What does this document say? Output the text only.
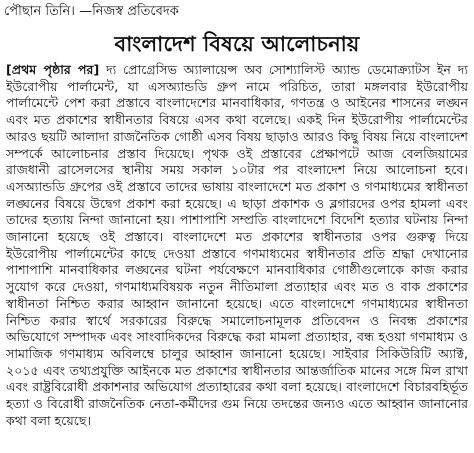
পৌছান তিনি। —নিজস্ব প্রতিবেদক
বাংলাদেশ বিষয়ে আলোচনায়
[প্রথম পৃষ্ঠার পর] দ্য প্রোগ্রেসিভ অ্যালায়েন্স অব সোশ্যালিস্ট অ্যান্ড ডেমোক্র্যাটস ইন দ্য ইউরোপীয় পার্লামেন্ট, যা এসঅ্যান্ডডি গ্রুপ নামে পরিচিত, তারা মঙ্গলবার ইউরোপীয় পার্লামেন্টে পেশ করা প্রস্তাবে বাংলাদেশের মানবাধিকার, গণতন্ত্র ও আইনের শাসনের লঙ্ঘন এবং মত প্রকাশের স্বাধীনতার বিষয়ে এসব কথা বলেছে। একই দিন ইউরোপীয় পার্লামেন্টের আরও ছয়টি আলাদা রাজনৈতিক গোষ্ঠী এসব বিষয় ছাড়াও আরও কিছু বিষয় নিয়ে বাংলাদেশ সম্পর্কে আলোচনার প্রস্তাব দিয়েছে। পৃথক ওই প্রস্তাবের প্রেক্ষাপটে আজ বেলজিয়ামের রাজধানী ব্রাসেলসের স্থানীয় সময় সকাল ১০টার পর বাংলাদেশ নিয়ে আলোচনা হবে। এসঅ্যান্ডডি গ্রুপের ওই প্রস্তাবে তাদের ভাষায় বাংলাদেশে মত প্রকাশ ও গণমাধ্যমের স্বাধীনতা লঙ্ঘনের বিষয়ে উদ্বেগ প্রকাশ করা হয়েছে। এ ছাড়া প্রকাশক ও ব্লগারদের ওপর হামলা এবং তাদের হত্যায় নিন্দা জানানো হয়। পাশাপাশি সম্প্রতি বাংলাদেশে বিদেশি হত্যার ঘটনায় নিন্দা জানানো হয়েছে ওই প্রস্তাবে। বাংলাদেশে মত প্রকাশের স্বাধীনতার ওপর গুরুত্ব দিয়ে ইউরোপীয় পার্লামেন্টের কাছে দেওয়া প্রস্তাবে গণমাধ্যমের স্বাধীনতার প্রতি শ্রদ্ধা দেখানোর পাশাপাশি মানবাধিকার লঙ্ঘনের ঘটনা পর্যবেক্ষণে মানবাধিকার গোষ্ঠীগুলোকে কাজ করার সুযোগ করে দেওয়া, গণমাধ্যমবিষয়ক নতুন নীতিমালা প্রত্যাহার এবং মত ও বাক প্রকাশের স্বাধীনতা নিশ্চিত করার আহ্বান জানানো হয়েছে। এতে বাংলাদেশে গণমাধ্যমের স্বাধীনতা নিশ্চিত করার স্বার্থে সরকারের বিরুদ্ধে সমালোচনামূলক প্রতিবেদন ও নিবন্ধ প্রকাশের অভিযোগে সম্পাদক এবং সাংবাদিকদের বিরুদ্ধে করা মামলা প্রত্যাহার, বন্ধ হওয়া গণমাধ্যম ও সামাজিক গণমাধ্যম অবিলম্বে চালুর আহ্বান জানানো হয়েছে। সাইবার সিকিউরিটি অ্যাক্ট, ২০১৫ এবং তথ্যপ্রযুক্তি আইনকে মত প্রকাশের স্বাধীনতার আন্তর্জাতিক মানের সঙ্গে মিল রাখা এবং রাষ্ট্রবিরোধী প্রকাশনার অভিযোগ প্রত্যাহারের কথা বলা হয়েছে। বাংলাদেশে বিচারবহির্ভূত হত্যা ও বিরোধী রাজনৈতিক নেতা-কর্মীদের গুম নিয়ে তদন্তের জন্যও এতে আহ্বান জানানোর কথা বলা হয়েছে।
